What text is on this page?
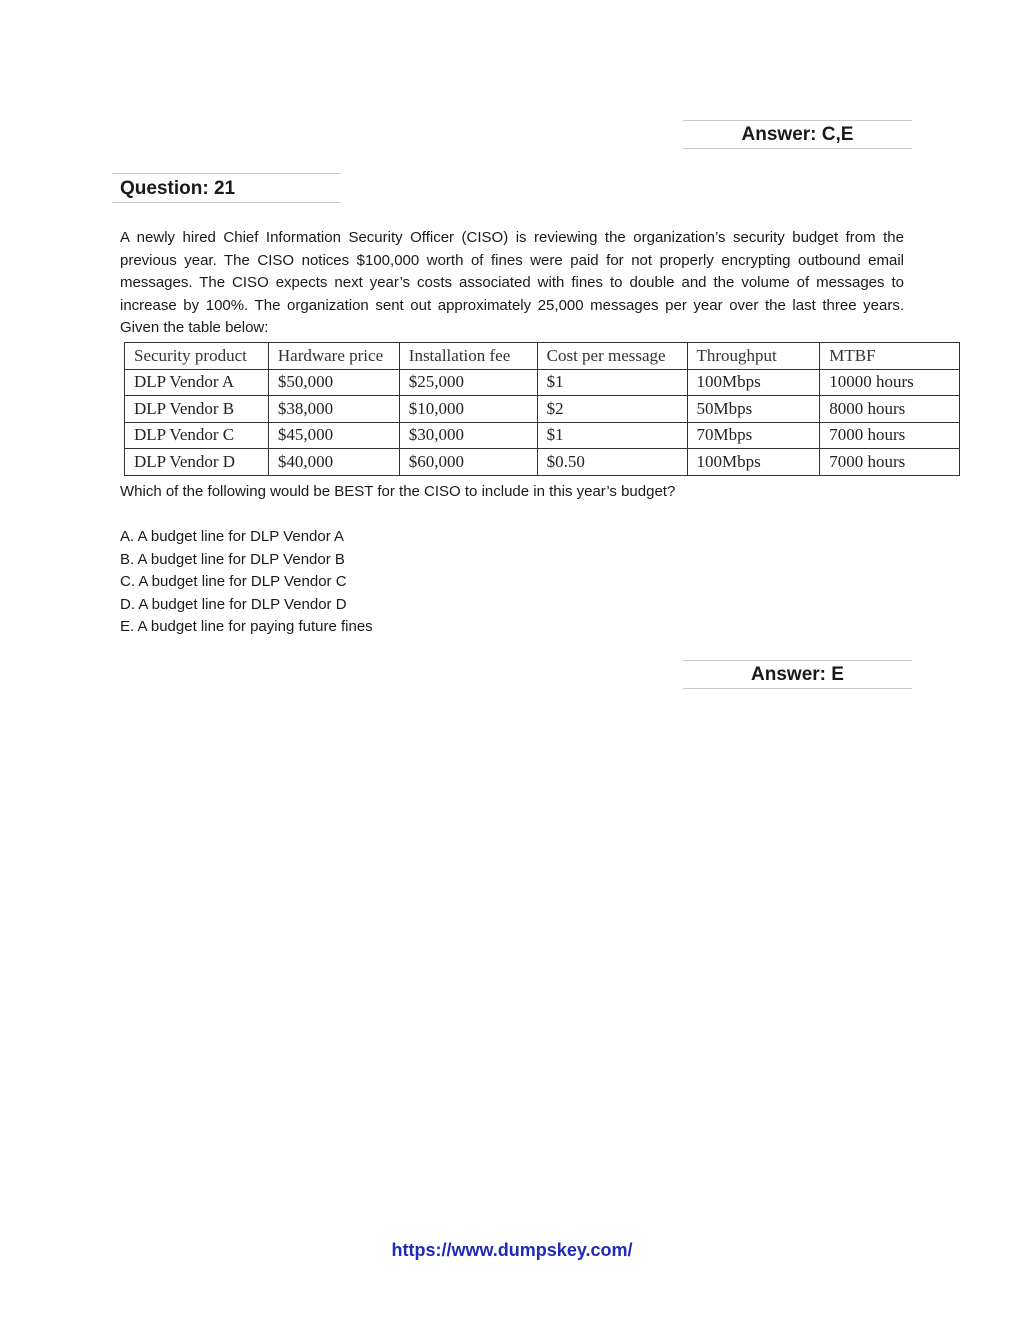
Answer: C,E
Question: 21

A newly hired Chief Information Security Officer (CISO) is reviewing the organization’s security budget from the previous year. The CISO notices $100,000 worth of fines were paid for not properly encrypting outbound email messages. The CISO expects next year’s costs associated with fines to double and the volume of messages to increase by 100%. The organization sent out approximately 25,000 messages per year over the last three years. Given the table below:

Security product	Hardware price	Installation fee	Cost per message	Throughput	MTBF
DLP Vendor A	$50,000	$25,000	$1	100Mbps	10000 hours
DLP Vendor B	$38,000	$10,000	$2	50Mbps	8000 hours
DLP Vendor C	$45,000	$30,000	$1	70Mbps	7000 hours
DLP Vendor D	$40,000	$60,000	$0.50	100Mbps	7000 hours
Which of the following would be BEST for the CISO to include in this year’s budget?
A. A budget line for DLP Vendor A
B. A budget line for DLP Vendor B
C. A budget line for DLP Vendor C
D. A budget line for DLP Vendor D
E. A budget line for paying future fines
Answer: E
https://www.dumpskey.com/
